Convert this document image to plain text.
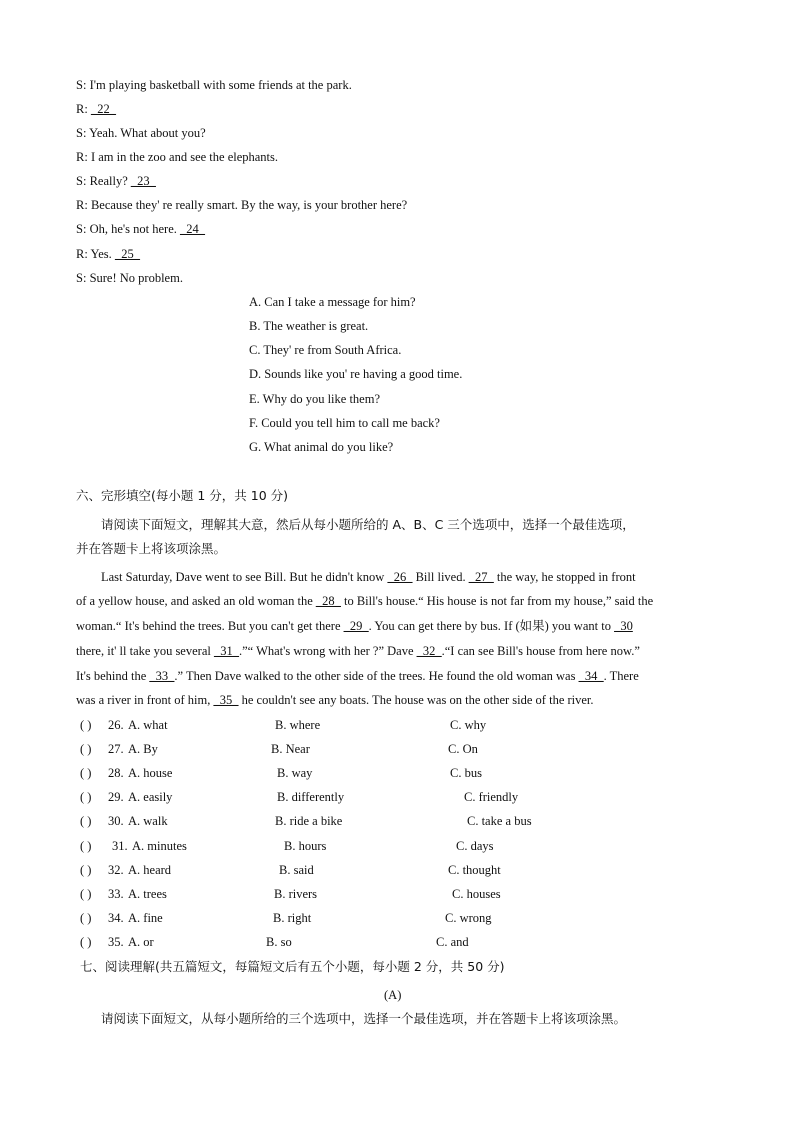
S: I'm playing basketball with some friends at the park.
R: _22_
S: Yeah. What about you?
R: I am in the zoo and see the elephants.
S: Really? _23_
R: Because they' re really smart. By the way, is your brother here?
S: Oh, he's not here. _24_
R: Yes. _25_
S: Sure! No problem.
A. Can I take a message for him?
B. The weather is great.
C. They' re from South Africa.
D. Sounds like you' re having a good time.
E. Why do you like them?
F. Could you tell him to call me back?
G. What animal do you like?
六、完形填空(每小题 1 分，共 10 分)
　　请阅读下面短文，理解其大意，然后从每小题所给的 A、B、C 三个选项中，选择一个最佳选项，
并在答题卡上将该项涂黑。
　　Last Saturday, Dave went to see Bill. But he didn't know _26_ Bill lived. _27_ the way, he stopped in front
of a yellow house, and asked an old woman the _28_ to Bill's house.“ His house is not far from my house,” said the
woman.“ It's behind the trees. But you can't get there _29_. You can get there by bus. If (如果) you want to _30
there, it' ll take you several _31_.”“ What's wrong with her ?” Dave _32_.“I can see Bill's house from here now.”
It's behind the _33_.” Then Dave walked to the other side of the trees. He found the old woman was _34_. There
was a river in front of him, _35_ he couldn't see any boats. The house was on the other side of the river.
( ) 26. A. what	B. where	C. why
( ) 27. A. By	B. Near	C. On
( ) 28. A. house	B. way	C. bus
( ) 29. A. easily	B. differently	C. friendly
( ) 30. A. walk	B. ride a bike	C. take a bus
( ) 31. A. minutes	B. hours	C. days
( ) 32. A. heard	B. said	C. thought
( ) 33. A. trees	B. rivers	C. houses
( ) 34. A. fine	B. right	C. wrong
( ) 35. A. or	B. so	C. and
七、阅读理解(共五篇短文，每篇短文后有五个小题，每小题 2 分，共 50 分)
(A)
　　请阅读下面短文，从每小题所给的三个选项中，选择一个最佳选项，并在答题卡上将该项涂黑。
